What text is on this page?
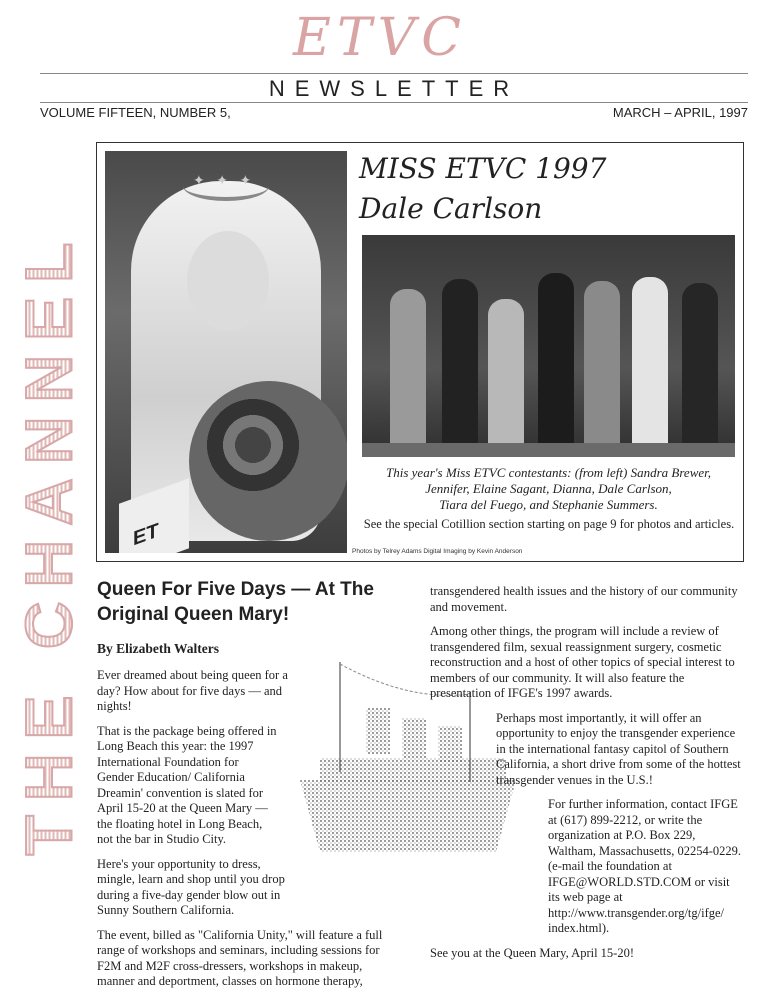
ETVC
NEWSLETTER
VOLUME FIFTEEN, NUMBER 5,	MARCH – APRIL, 1997
THE CHANNEL
✦ ✦ ✦	ET
MISS ETVC 1997
Dale Carlson
This year's Miss ETVC contestants: (from left) Sandra Brewer,
Jennifer, Elaine Sagant, Dianna, Dale Carlson,
Tiara del Fuego, and Stephanie Summers.
See the special Cotillion section starting on page 9 for photos and articles.
Photos by Telrey Adams Digital Imaging by Kevin Anderson
Queen For Five Days — At The Original Queen Mary!
By Elizabeth Walters

Ever dreamed about being queen for a day? How about for five days — and nights!

That is the package being offered in Long Beach this year: the 1997 International Foundation for Gender Education/ California Dreamin' convention is slated for April 15-20 at the Queen Mary — the floating hotel in Long Beach, not the bar in Studio City.

Here's your opportunity to dress, mingle, learn and shop until you drop during a five-day gender blow out in Sunny Southern California.

The event, billed as "California Unity," will feature a full range of workshops and seminars, including sessions for F2M and M2F cross-dressers, workshops in makeup, manner and deportment, classes on hormone therapy,

transgendered health issues and the history of our community and movement.

Among other things, the program will include a review of transgendered film, sexual reassignment surgery, cosmetic reconstruction and a host of other topics of special interest to members of our community. It will also feature the presentation of IFGE's 1997 awards.

Perhaps most importantly, it will offer an opportunity to enjoy the transgender experience in the international fantasy capitol of Southern California, a short drive from some of the hottest transgender venues in the U.S.!

For further information, contact IFGE at (617) 899-2212, or write the organization at P.O. Box 229, Waltham, Massachusetts, 02254-0229. (e-mail the foundation at IFGE@WORLD.STD.COM or visit its web page at http://www.transgender.org/tg/ifge/ index.html).

See you at the Queen Mary, April 15-20!
